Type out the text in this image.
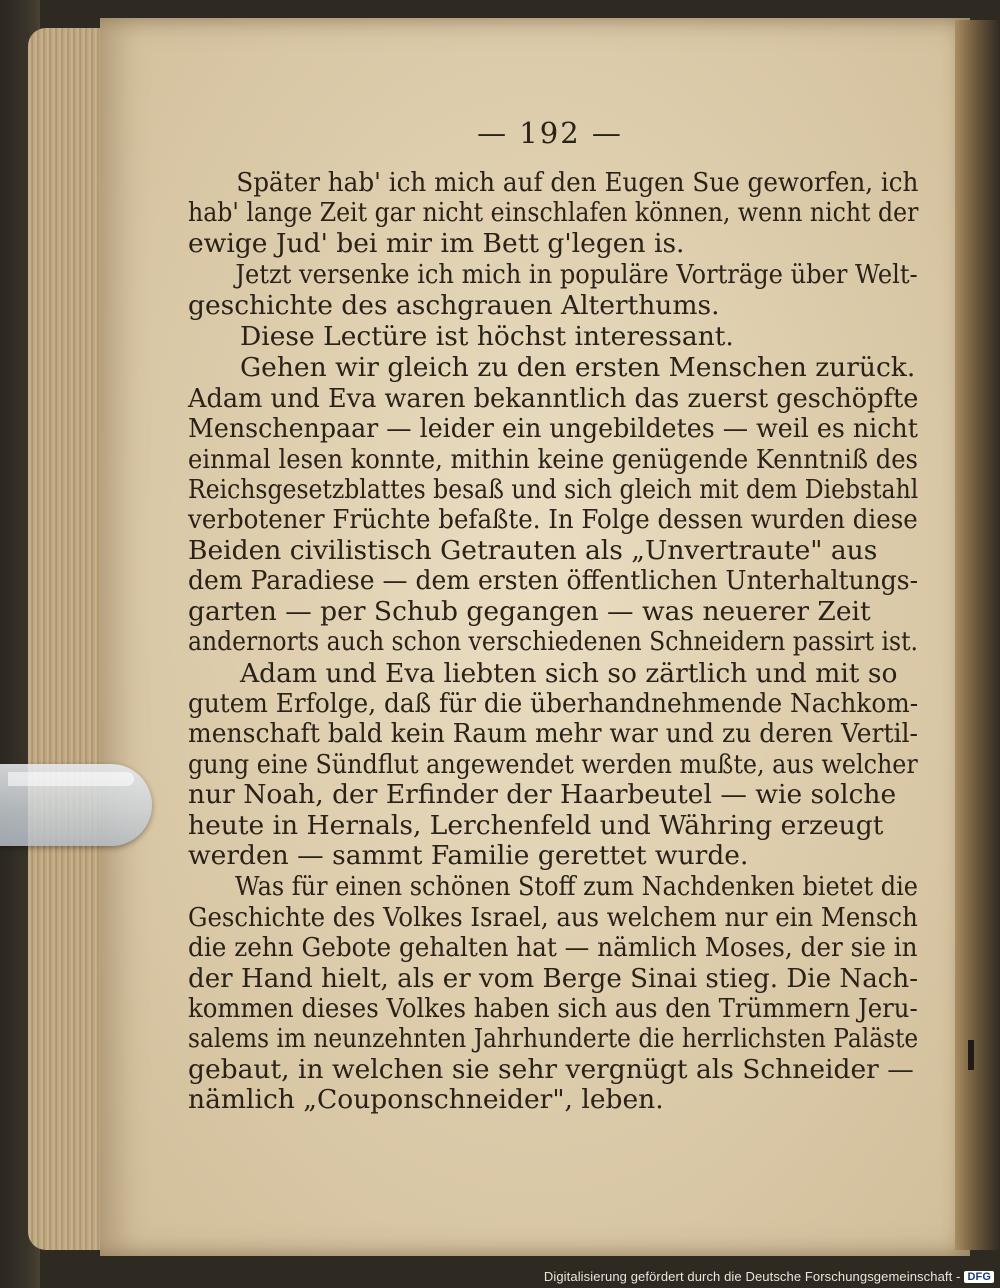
— 192 —
Später hab' ich mich auf den Eugen Sue geworfen, ich
hab' lange Zeit gar nicht einschlafen können, wenn nicht der
ewige Jud' bei mir im Bett g'legen is.
Jetzt versenke ich mich in populäre Vorträge über Welt-
geschichte des aschgrauen Alterthums.
Diese Lectüre ist höchst interessant.
Gehen wir gleich zu den ersten Menschen zurück.
Adam und Eva waren bekanntlich das zuerst geschöpfte
Menschenpaar — leider ein ungebildetes — weil es nicht
einmal lesen konnte, mithin keine genügende Kenntniß des
Reichsgesetzblattes besaß und sich gleich mit dem Diebstahl
verbotener Früchte befaßte. In Folge dessen wurden diese
Beiden civilistisch Getrauten als „Unvertraute" aus
dem Paradiese — dem ersten öffentlichen Unterhaltungs-
garten — per Schub gegangen — was neuerer Zeit
andernorts auch schon verschiedenen Schneidern passirt ist.
Adam und Eva liebten sich so zärtlich und mit so
gutem Erfolge, daß für die überhandnehmende Nachkom-
menschaft bald kein Raum mehr war und zu deren Vertil-
gung eine Sündflut angewendet werden mußte, aus welcher
nur Noah, der Erfinder der Haarbeutel — wie solche
heute in Hernals, Lerchenfeld und Währing erzeugt
werden — sammt Familie gerettet wurde.
Was für einen schönen Stoff zum Nachdenken bietet die
Geschichte des Volkes Israel, aus welchem nur ein Mensch
die zehn Gebote gehalten hat — nämlich Moses, der sie in
der Hand hielt, als er vom Berge Sinai stieg. Die Nach-
kommen dieses Volkes haben sich aus den Trümmern Jeru-
salems im neunzehnten Jahrhunderte die herrlichsten Paläste
gebaut, in welchen sie sehr vergnügt als Schneider —
nämlich „Couponschneider", leben.
Digitalisierung gefördert durch die Deutsche Forschungsgemeinschaft - DFG
